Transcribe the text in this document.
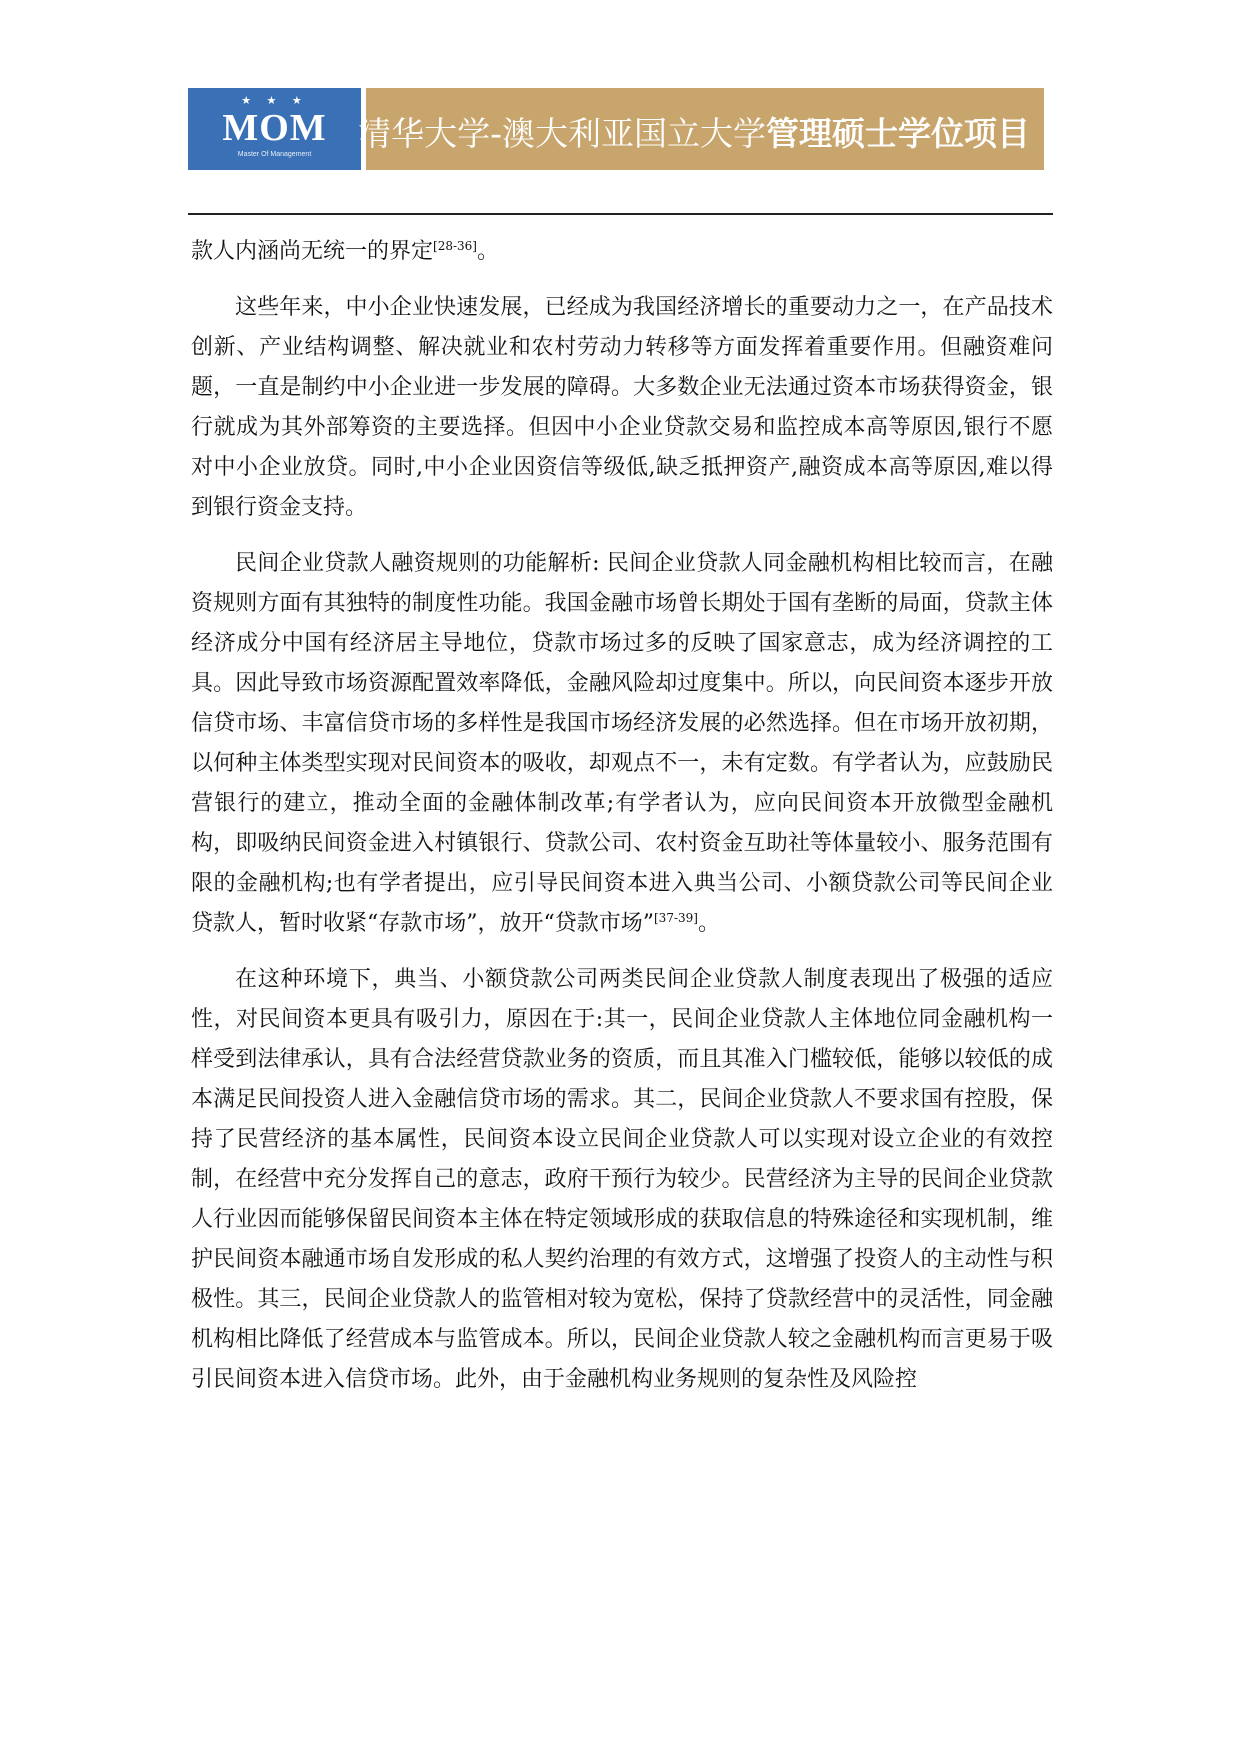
★ ★ ★
MOM
Master Of Management
清华大学-澳大利亚国立大学管理硕士学位项目

款人内涵尚无统一的界定[28-36]。

这些年来，中小企业快速发展，已经成为我国经济增长的重要动力之一，在产品技术创新、产业结构调整、解决就业和农村劳动力转移等方面发挥着重要作用。但融资难问题，一直是制约中小企业进一步发展的障碍。大多数企业无法通过资本市场获得资金，银行就成为其外部筹资的主要选择。但因中小企业贷款交易和监控成本高等原因,银行不愿对中小企业放贷。同时,中小企业因资信等级低,缺乏抵押资产,融资成本高等原因,难以得到银行资金支持。

民间企业贷款人融资规则的功能解析: 民间企业贷款人同金融机构相比较而言，在融资规则方面有其独特的制度性功能。我国金融市场曾长期处于国有垄断的局面，贷款主体经济成分中国有经济居主导地位，贷款市场过多的反映了国家意志，成为经济调控的工具。因此导致市场资源配置效率降低，金融风险却过度集中。所以，向民间资本逐步开放信贷市场、丰富信贷市场的多样性是我国市场经济发展的必然选择。但在市场开放初期，以何种主体类型实现对民间资本的吸收，却观点不一，未有定数。有学者认为，应鼓励民营银行的建立，推动全面的金融体制改革;有学者认为，应向民间资本开放微型金融机构，即吸纳民间资金进入村镇银行、贷款公司、农村资金互助社等体量较小、服务范围有限的金融机构;也有学者提出，应引导民间资本进入典当公司、小额贷款公司等民间企业贷款人，暂时收紧“存款市场”，放开“贷款市场”[37-39]。

在这种环境下，典当、小额贷款公司两类民间企业贷款人制度表现出了极强的适应性，对民间资本更具有吸引力，原因在于:其一，民间企业贷款人主体地位同金融机构一样受到法律承认，具有合法经营贷款业务的资质，而且其准入门槛较低，能够以较低的成本满足民间投资人进入金融信贷市场的需求。其二，民间企业贷款人不要求国有控股，保持了民营经济的基本属性，民间资本设立民间企业贷款人可以实现对设立企业的有效控制，在经营中充分发挥自己的意志，政府干预行为较少。民营经济为主导的民间企业贷款人行业因而能够保留民间资本主体在特定领域形成的获取信息的特殊途径和实现机制，维护民间资本融通市场自发形成的私人契约治理的有效方式，这增强了投资人的主动性与积极性。其三，民间企业贷款人的监管相对较为宽松，保持了贷款经营中的灵活性，同金融机构相比降低了经营成本与监管成本。所以，民间企业贷款人较之金融机构而言更易于吸引民间资本进入信贷市场。此外，由于金融机构业务规则的复杂性及风险控
